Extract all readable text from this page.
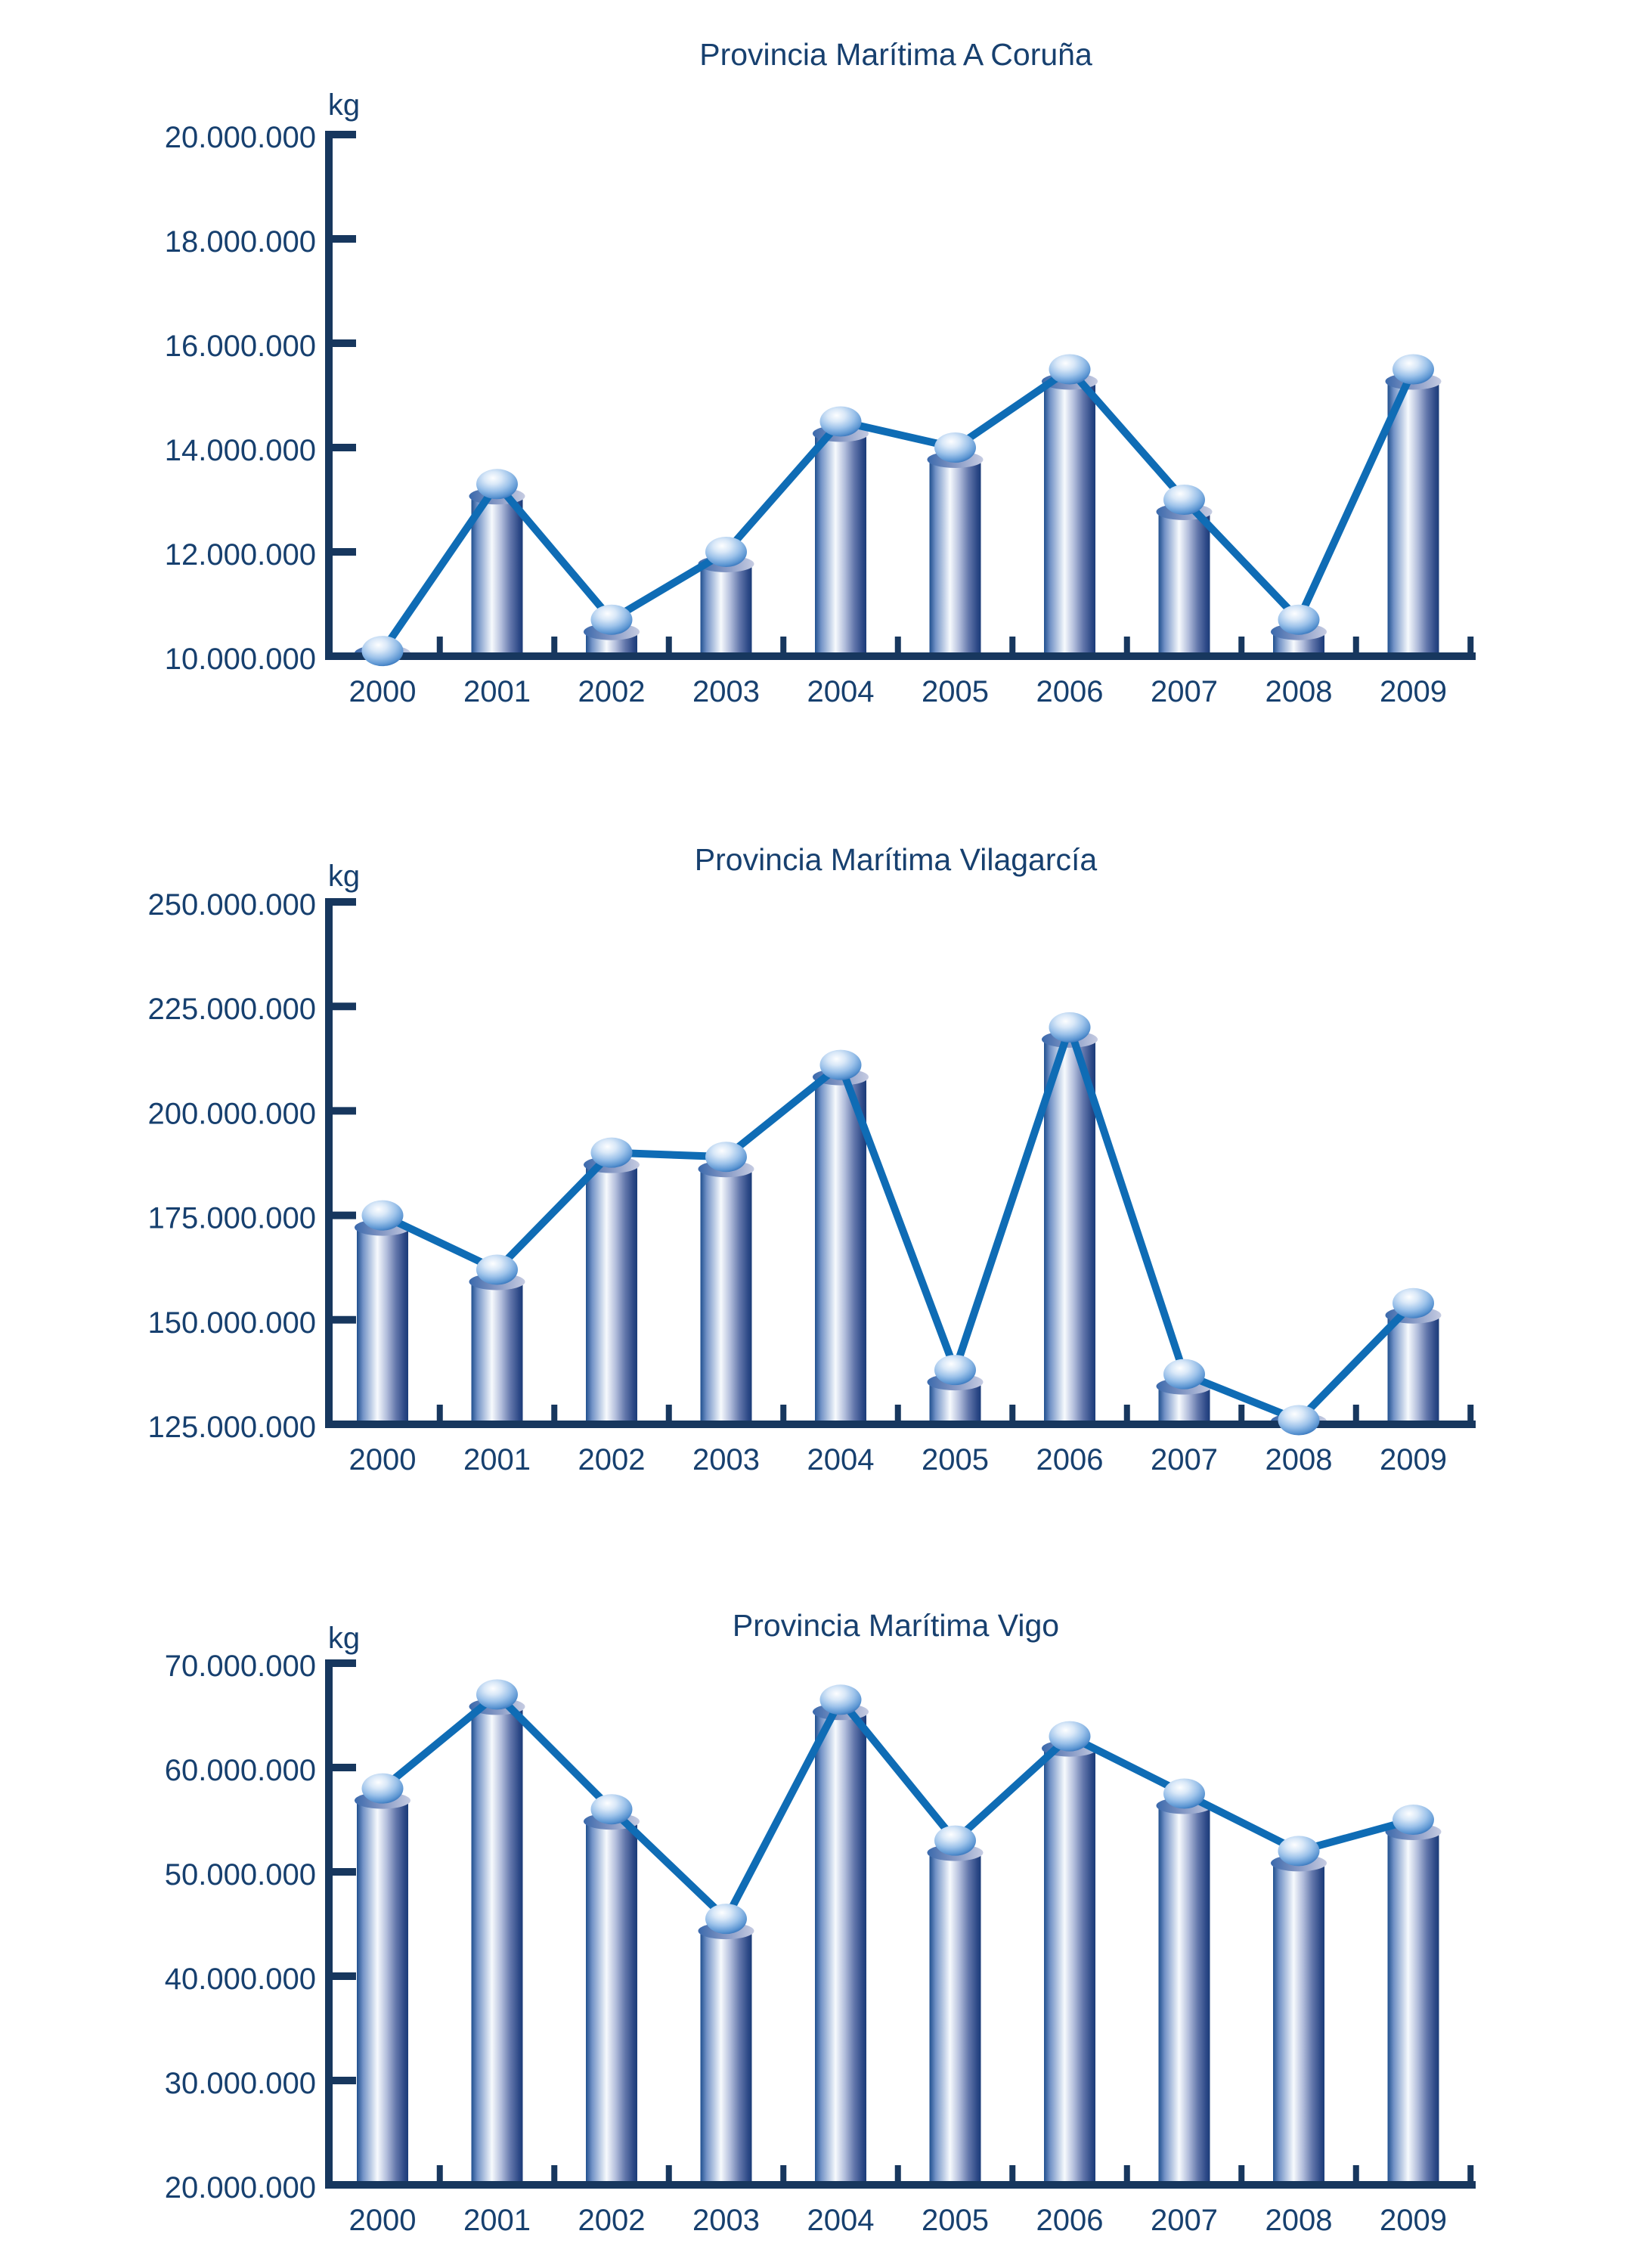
10.000.000
12.000.000
14.000.000
16.000.000
18.000.000
20.000.000
2000 2001 2002 2003 2004 2005 2006 2007 2008 2009
Provincia Marítima A Coruña
kg
125.000.000
150.000.000
175.000.000
200.000.000
225.000.000
250.000.000
2000 2001 2002 2003 2004 2005 2006 2007 2008 2009
Provincia Marítima Vilagarcía
kg
20.000.000
30.000.000
40.000.000
50.000.000
60.000.000
70.000.000
2000 2001 2002 2003 2004 2005 2006 2007 2008 2009
Provincia Marítima Vigo
kg
